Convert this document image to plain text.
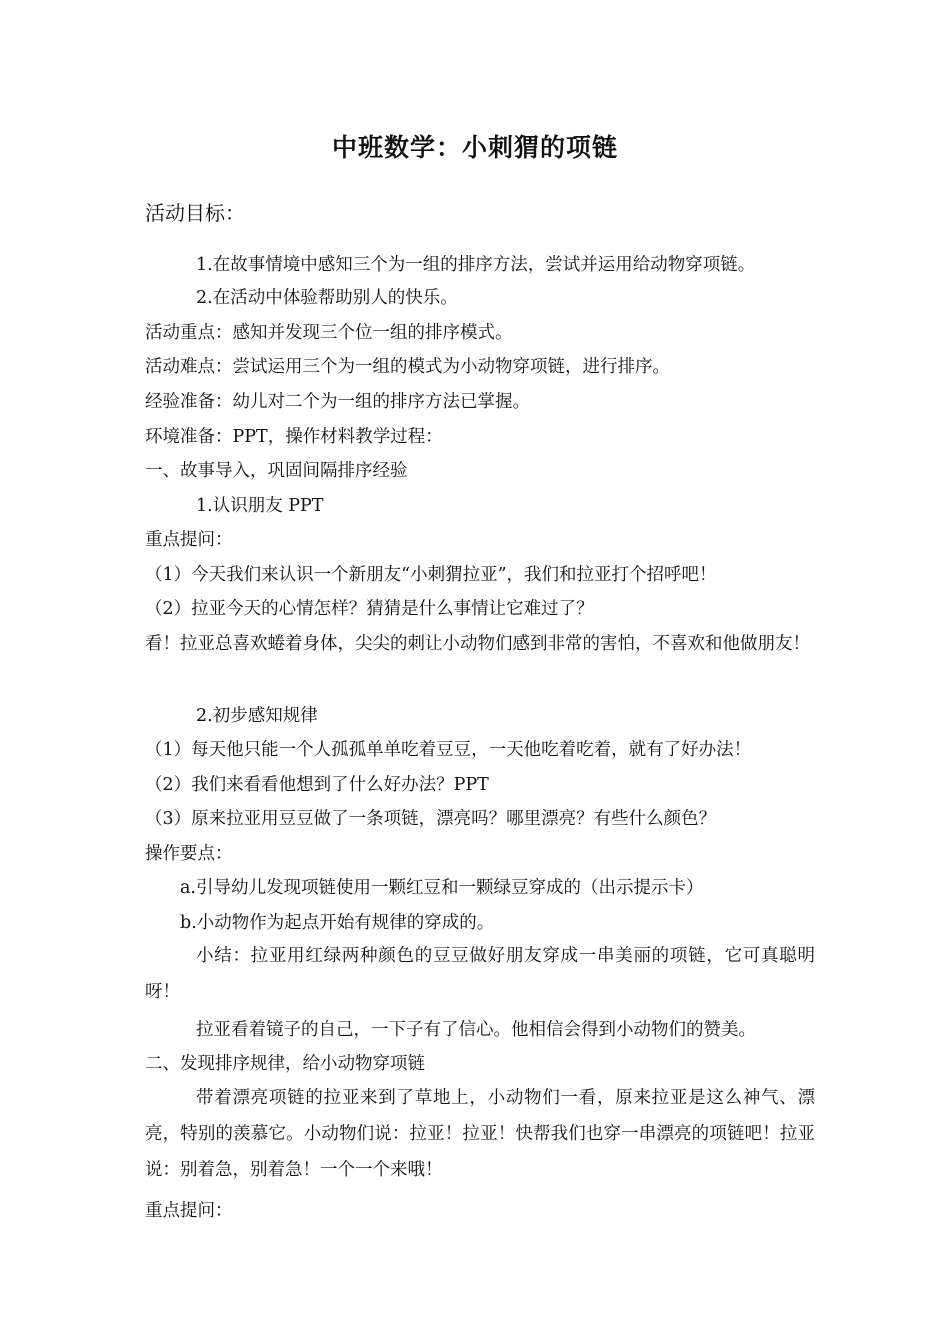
中班数学：小刺猬的项链
活动目标：
1.在故事情境中感知三个为一组的排序方法，尝试并运用给动物穿项链。
2.在活动中体验帮助别人的快乐。
活动重点：感知并发现三个位一组的排序模式。
活动难点：尝试运用三个为一组的模式为小动物穿项链，进行排序。
经验准备：幼儿对二个为一组的排序方法已掌握。
环境准备：PPT，操作材料教学过程：
一、故事导入，巩固间隔排序经验
1.认识朋友 PPT
重点提问：
（1）今天我们来认识一个新朋友“小刺猬拉亚”，我们和拉亚打个招呼吧！
（2）拉亚今天的心情怎样？猜猜是什么事情让它难过了？
看！拉亚总喜欢蜷着身体，尖尖的刺让小动物们感到非常的害怕，不喜欢和他做朋友！
2.初步感知规律
（1）每天他只能一个人孤孤单单吃着豆豆，一天他吃着吃着，就有了好办法！
（2）我们来看看他想到了什么好办法？PPT
（3）原来拉亚用豆豆做了一条项链，漂亮吗？哪里漂亮？有些什么颜色？
操作要点：
a.引导幼儿发现项链使用一颗红豆和一颗绿豆穿成的（出示提示卡）
b.小动物作为起点开始有规律的穿成的。
小结：拉亚用红绿两种颜色的豆豆做好朋友穿成一串美丽的项链，它可真聪明呀！
拉亚看着镜子的自己，一下子有了信心。他相信会得到小动物们的赞美。
二、发现排序规律，给小动物穿项链
带着漂亮项链的拉亚来到了草地上，小动物们一看，原来拉亚是这么神气、漂亮，特别的羡慕它。小动物们说：拉亚！拉亚！快帮我们也穿一串漂亮的项链吧！拉亚说：别着急，别着急！一个一个来哦！
重点提问：
